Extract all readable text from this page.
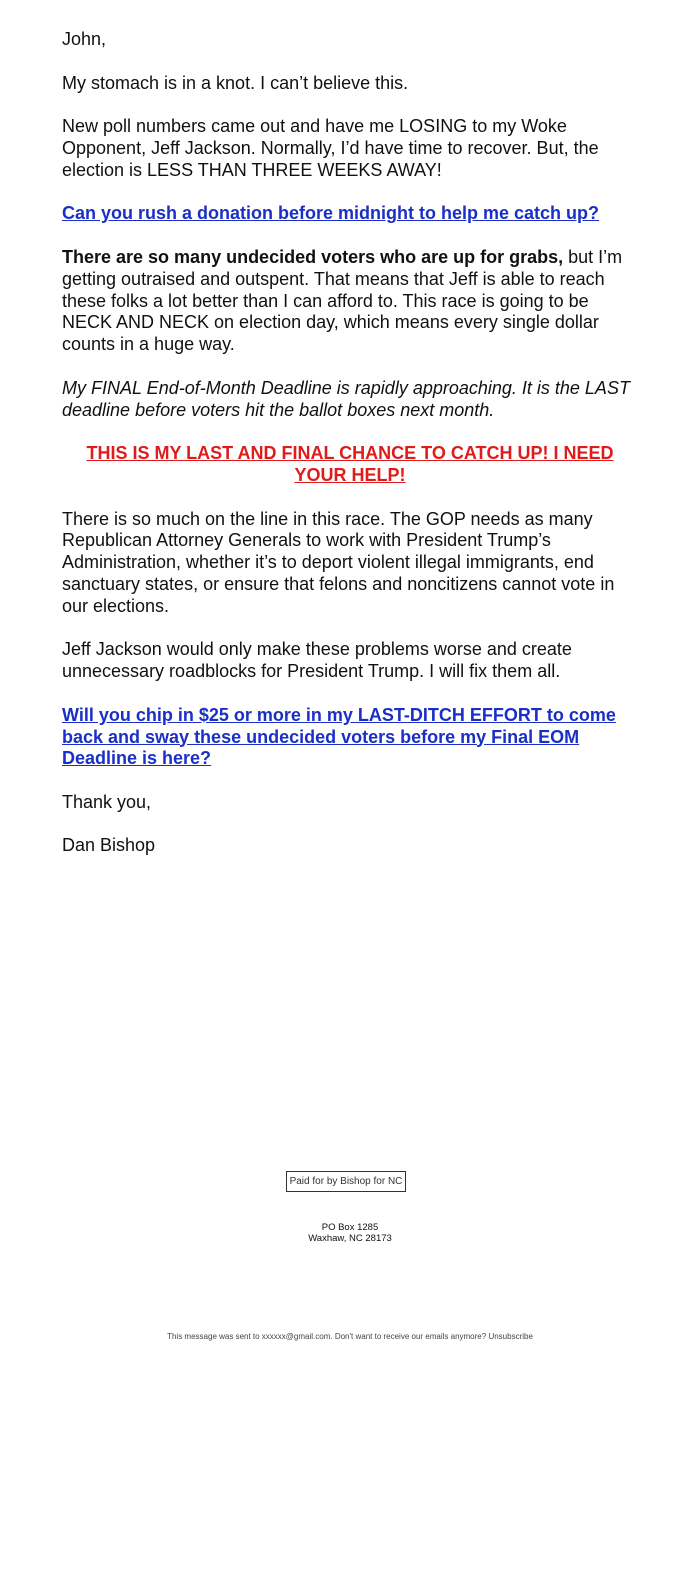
John,

My stomach is in a knot. I can’t believe this.

New poll numbers came out and have me LOSING to my Woke Opponent, Jeff Jackson. Normally, I’d have time to recover. But, the election is LESS THAN THREE WEEKS AWAY!

Can you rush a donation before midnight to help me catch up?

There are so many undecided voters who are up for grabs, but I’m getting outraised and outspent. That means that Jeff is able to reach these folks a lot better than I can afford to. This race is going to be NECK AND NECK on election day, which means every single dollar counts in a huge way.

My FINAL End-of-Month Deadline is rapidly approaching. It is the LAST deadline before voters hit the ballot boxes next month.

THIS IS MY LAST AND FINAL CHANCE TO CATCH UP! I NEED YOUR HELP!

There is so much on the line in this race. The GOP needs as many Republican Attorney Generals to work with President Trump’s Administration, whether it’s to deport violent illegal immigrants, end sanctuary states, or ensure that felons and noncitizens cannot vote in our elections.

Jeff Jackson would only make these problems worse and create unnecessary roadblocks for President Trump. I will fix them all.

Will you chip in $25 or more in my LAST-DITCH EFFORT to come back and sway these undecided voters before my Final EOM Deadline is here?

Thank you,

Dan Bishop

Paid for by Bishop for NC
PO Box 1285
Waxhaw, NC 28173
This message was sent to xxxxxx@gmail.com. Don't want to receive our emails anymore? Unsubscribe
